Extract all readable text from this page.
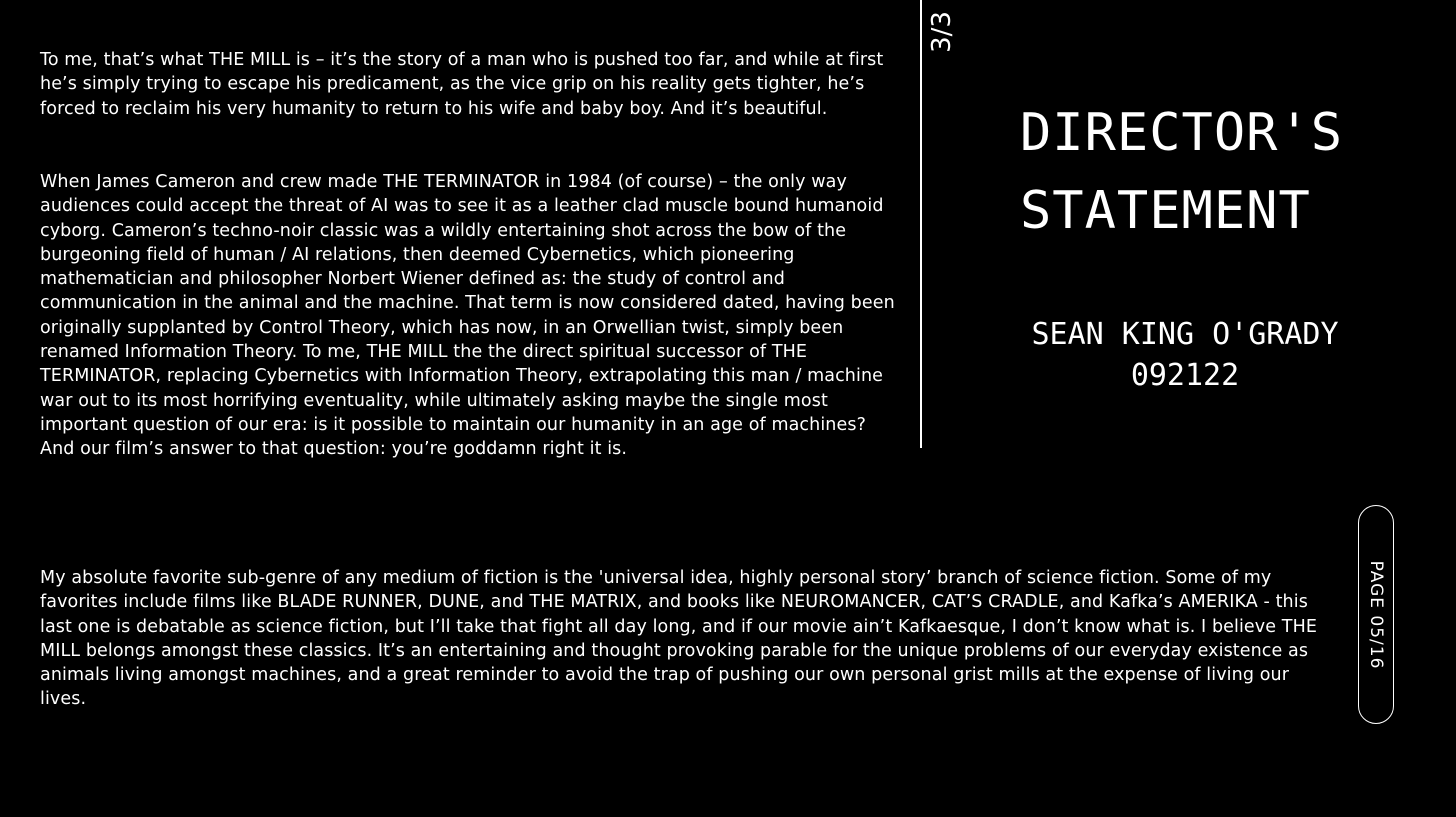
To me, that’s what THE MILL is – it’s the story of a man who is pushed too far, and while at first he’s simply trying to escape his predicament, as the vice grip on his reality gets tighter, he’s forced to reclaim his very humanity to return to his wife and baby boy. And it’s beautiful.

When James Cameron and crew made THE TERMINATOR in 1984 (of course) – the only way audiences could accept the threat of AI was to see it as a leather clad muscle bound humanoid cyborg. Cameron’s techno-noir classic was a wildly entertaining shot across the bow of the burgeoning field of human / AI relations, then deemed Cybernetics, which pioneering mathematician and philosopher Norbert Wiener defined as: the study of control and communication in the animal and the machine. That term is now considered dated, having been originally supplanted by Control Theory, which has now, in an Orwellian twist, simply been renamed Information Theory. To me, THE MILL the the direct spiritual successor of THE TERMINATOR, replacing Cybernetics with Information Theory, extrapolating this man / machine war out to its most horrifying eventuality, while ultimately asking maybe the single most important question of our era: is it possible to maintain our humanity in an age of machines? And our film’s answer to that question: you’re goddamn right it is.

My absolute favorite sub-genre of any medium of fiction is the 'universal idea, highly personal story’ branch of science fiction. Some of my favorites include films like BLADE RUNNER, DUNE, and THE MATRIX, and books like NEUROMANCER, CAT’S CRADLE, and Kafka’s AMERIKA - this last one is debatable as science fiction, but I’ll take that fight all day long, and if our movie ain’t Kafkaesque, I don’t know what is. I believe THE MILL belongs amongst these classics. It’s an entertaining and thought provoking parable for the unique problems of our everyday existence as animals living amongst machines, and a great reminder to avoid the trap of pushing our own personal grist mills at the expense of living our lives.

3/3
DIRECTOR'S
STATEMENT
SEAN KING O'GRADY
092122
PAGE 05/16
